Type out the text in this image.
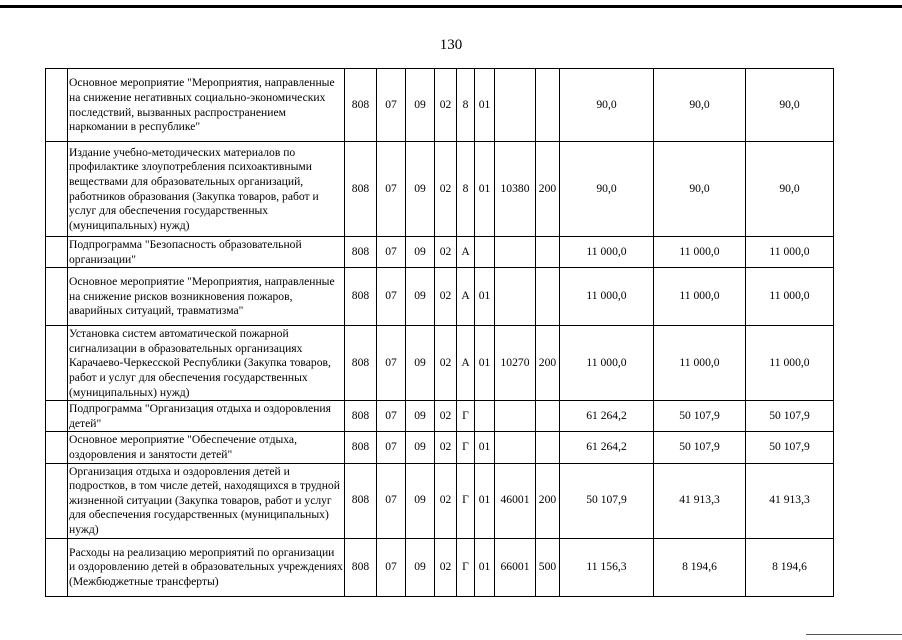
130
	Основное мероприятие "Мероприятия, направленные на снижение негативных социально-экономических последствий, вызванных распространением наркомании в республике"	808	07	09	02	8	01			90,0	90,0	90,0
	Издание учебно-методических материалов по профилактике злоупотребления психоактивными веществами для образовательных организаций, работников образования (Закупка товаров, работ и услуг для обеспечения государственных (муниципальных) нужд)	808	07	09	02	8	01	10380	200	90,0	90,0	90,0
	Подпрограмма "Безопасность образовательной организации"	808	07	09	02	А				11 000,0	11 000,0	11 000,0
	Основное мероприятие "Мероприятия, направленные на снижение рисков возникновения пожаров, аварийных ситуаций, травматизма"	808	07	09	02	А	01			11 000,0	11 000,0	11 000,0
	Установка систем автоматической пожарной сигнализации в образовательных организациях Карачаево-Черкесской Республики (Закупка товаров, работ и услуг для обеспечения государственных (муниципальных) нужд)	808	07	09	02	А	01	10270	200	11 000,0	11 000,0	11 000,0
	Подпрограмма "Организация отдыха и оздоровления детей"	808	07	09	02	Г				61 264,2	50 107,9	50 107,9
	Основное мероприятие "Обеспечение отдыха, оздоровления и занятости детей"	808	07	09	02	Г	01			61 264,2	50 107,9	50 107,9
	Организация отдыха и оздоровления детей и подростков, в том числе детей, находящихся в трудной жизненной ситуации (Закупка товаров, работ и услуг для обеспечения государственных (муниципальных) нужд)	808	07	09	02	Г	01	46001	200	50 107,9	41 913,3	41 913,3
	Расходы на реализацию мероприятий по организации и оздоровлению детей в образовательных учреждениях (Межбюджетные трансферты)	808	07	09	02	Г	01	66001	500	11 156,3	8 194,6	8 194,6
